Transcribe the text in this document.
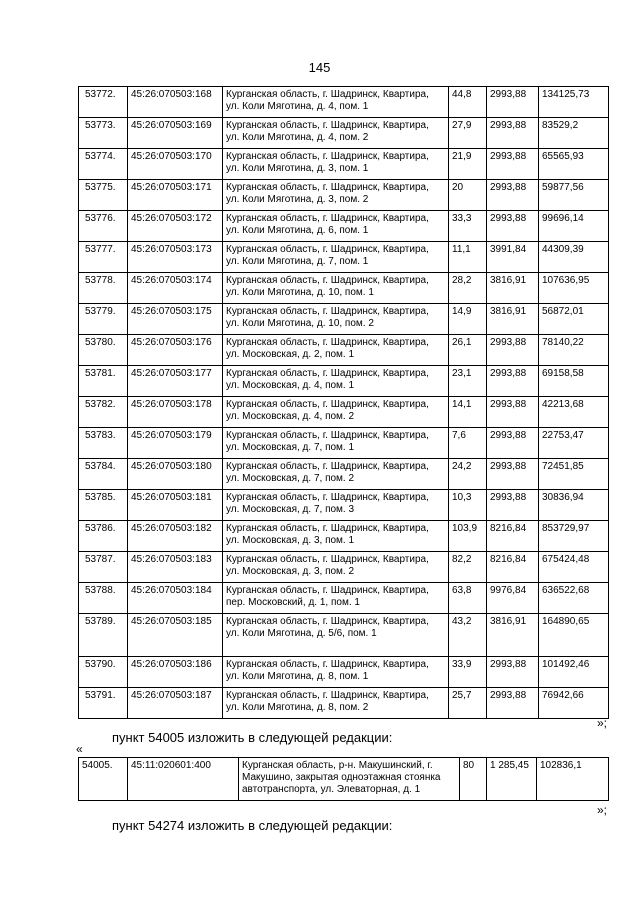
145
53772.	45:26:070503:168	Курганская область, г. Шадринск, Квартира, ул. Коли Мяготина, д. 4, пом. 1	44,8	2993,88	134125,73
53773.	45:26:070503:169	Курганская область, г. Шадринск, Квартира, ул. Коли Мяготина, д. 4, пом. 2	27,9	2993,88	83529,2
53774.	45:26:070503:170	Курганская область, г. Шадринск, Квартира, ул. Коли Мяготина, д. 3, пом. 1	21,9	2993,88	65565,93
53775.	45:26:070503:171	Курганская область, г. Шадринск, Квартира, ул. Коли Мяготина, д. 3, пом. 2	20	2993,88	59877,56
53776.	45:26:070503:172	Курганская область, г. Шадринск, Квартира, ул. Коли Мяготина, д. 6, пом. 1	33,3	2993,88	99696,14
53777.	45:26:070503:173	Курганская область, г. Шадринск, Квартира, ул. Коли Мяготина, д. 7, пом. 1	11,1	3991,84	44309,39
53778.	45:26:070503:174	Курганская область, г. Шадринск, Квартира, ул. Коли Мяготина, д. 10, пом. 1	28,2	3816,91	107636,95
53779.	45:26:070503:175	Курганская область, г. Шадринск, Квартира, ул. Коли Мяготина, д. 10, пом. 2	14,9	3816,91	56872,01
53780.	45:26:070503:176	Курганская область, г. Шадринск, Квартира, ул. Московская, д. 2, пом. 1	26,1	2993,88	78140,22
53781.	45:26:070503:177	Курганская область, г. Шадринск, Квартира, ул. Московская, д. 4, пом. 1	23,1	2993,88	69158,58
53782.	45:26:070503:178	Курганская область, г. Шадринск, Квартира, ул. Московская, д. 4, пом. 2	14,1	2993,88	42213,68
53783.	45:26:070503:179	Курганская область, г. Шадринск, Квартира, ул. Московская, д. 7, пом. 1	7,6	2993,88	22753,47
53784.	45:26:070503:180	Курганская область, г. Шадринск, Квартира, ул. Московская, д. 7, пом. 2	24,2	2993,88	72451,85
53785.	45:26:070503:181	Курганская область, г. Шадринск, Квартира, ул. Московская, д. 7, пом. 3	10,3	2993,88	30836,94
53786.	45:26:070503:182	Курганская область, г. Шадринск, Квартира, ул. Московская, д. 3, пом. 1	103,9	8216,84	853729,97
53787.	45:26:070503:183	Курганская область, г. Шадринск, Квартира, ул. Московская, д. 3, пом. 2	82,2	8216,84	675424,48
53788.	45:26:070503:184	Курганская область, г. Шадринск, Квартира, пер. Московский, д. 1, пом. 1	63,8	9976,84	636522,68
53789.	45:26:070503:185	Курганская область, г. Шадринск, Квартира, ул. Коли Мяготина, д. 5/6, пом. 1	43,2	3816,91	164890,65
53790.	45:26:070503:186	Курганская область, г. Шадринск, Квартира, ул. Коли Мяготина, д. 8, пом. 1	33,9	2993,88	101492,46
53791.	45:26:070503:187	Курганская область, г. Шадринск, Квартира, ул. Коли Мяготина, д. 8, пом. 2	25,7	2993,88	76942,66
»;
пункт 54005 изложить в следующей редакции:
«
54005.	45:11:020601:400	Курганская область, р-н. Макушинский, г. Макушино, закрытая одноэтажная стоянка автотранспорта, ул. Элеваторная, д. 1	80	1 285,45	102836,1
»;
пункт 54274 изложить в следующей редакции:
